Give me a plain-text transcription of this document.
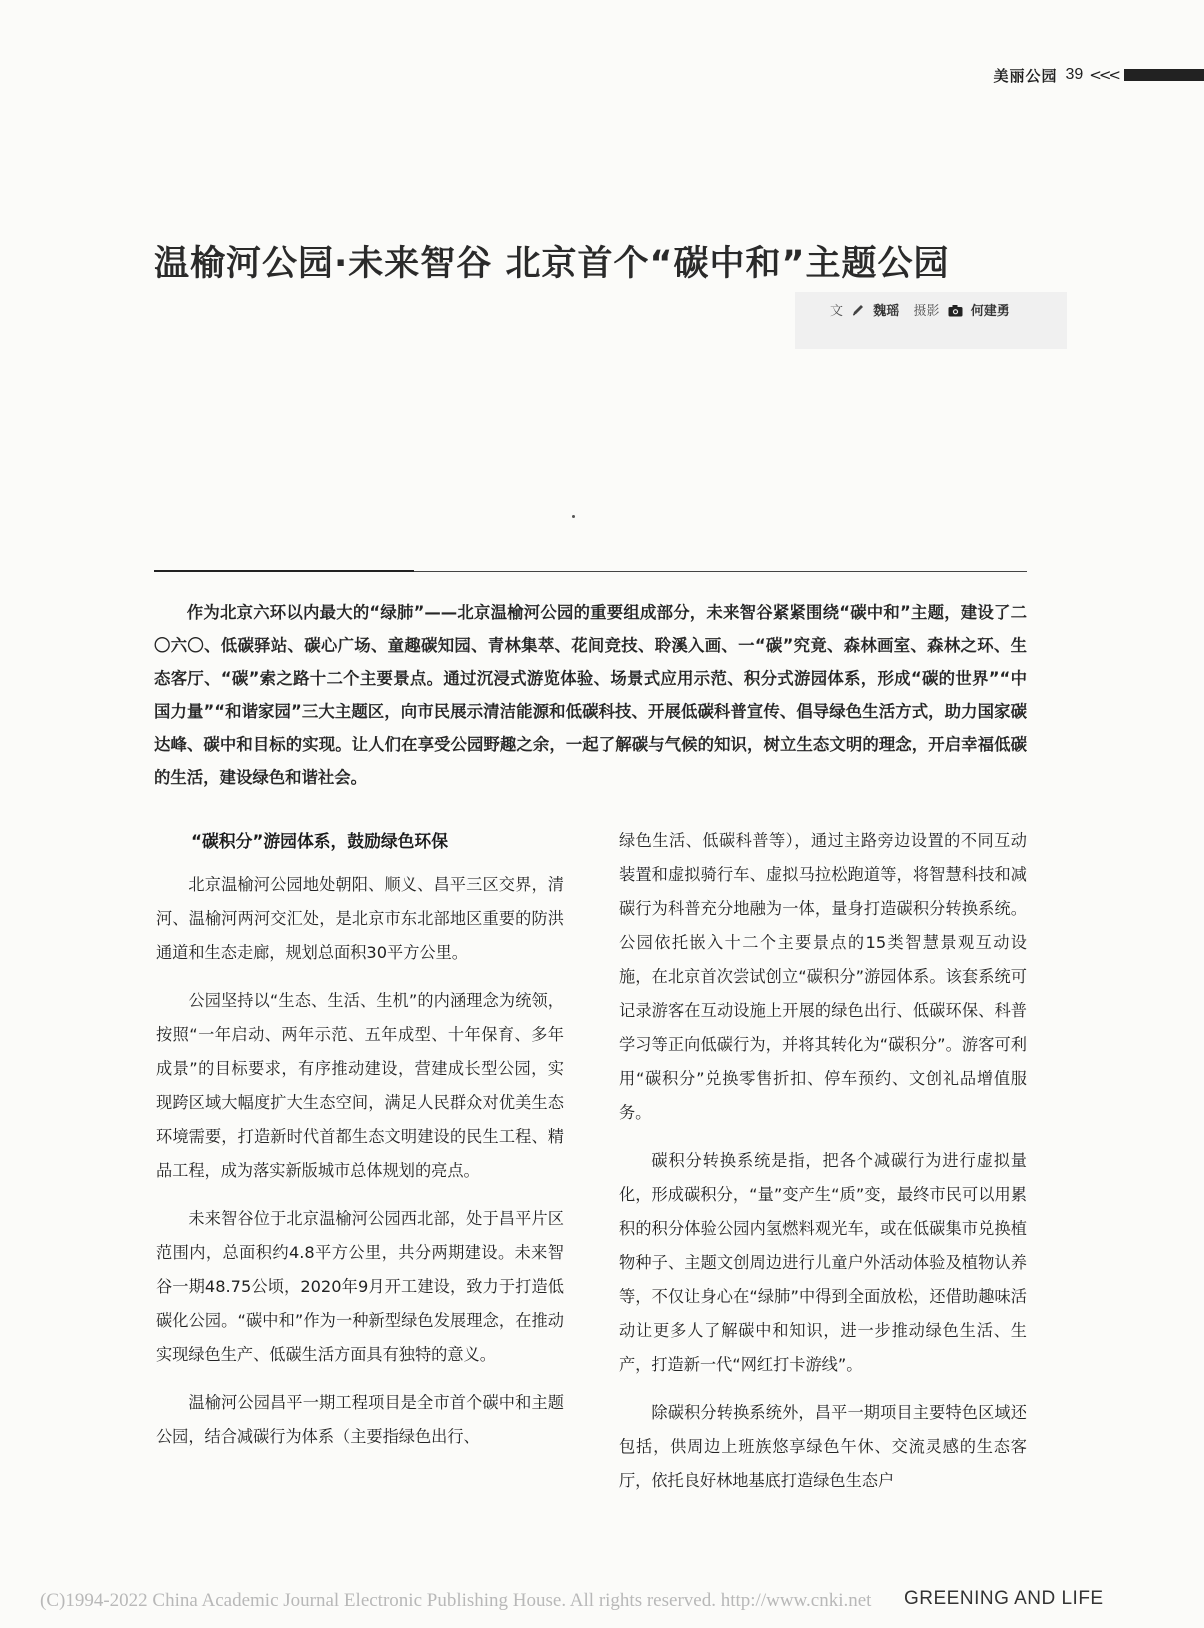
美丽公园 39 <<<
温榆河公园·未来智谷 北京首个“碳中和”主题公园
文 魏瑶 摄影 何建勇

作为北京六环以内最大的“绿肺”——北京温榆河公园的重要组成部分，未来智谷紧紧围绕“碳中和”主题，建设了二〇六〇、低碳驿站、碳心广场、童趣碳知园、青林集萃、花间竞技、聆溪入画、一“碳”究竟、森林画室、森林之环、生态客厅、“碳”索之路十二个主要景点。通过沉浸式游览体验、场景式应用示范、积分式游园体系，形成“碳的世界”“中国力量”“和谐家园”三大主题区，向市民展示清洁能源和低碳科技、开展低碳科普宣传、倡导绿色生活方式，助力国家碳达峰、碳中和目标的实现。让人们在享受公园野趣之余，一起了解碳与气候的知识，树立生态文明的理念，开启幸福低碳的生活，建设绿色和谐社会。

“碳积分”游园体系，鼓励绿色环保

北京温榆河公园地处朝阳、顺义、昌平三区交界，清河、温榆河两河交汇处，是北京市东北部地区重要的防洪通道和生态走廊，规划总面积30平方公里。

公园坚持以“生态、生活、生机”的内涵理念为统领，按照“一年启动、两年示范、五年成型、十年保育、多年成景”的目标要求，有序推动建设，营建成长型公园，实现跨区域大幅度扩大生态空间，满足人民群众对优美生态环境需要，打造新时代首都生态文明建设的民生工程、精品工程，成为落实新版城市总体规划的亮点。

未来智谷位于北京温榆河公园西北部，处于昌平片区范围内，总面积约4.8平方公里，共分两期建设。未来智谷一期48.75公顷，2020年9月开工建设，致力于打造低碳化公园。“碳中和”作为一种新型绿色发展理念，在推动实现绿色生产、低碳生活方面具有独特的意义。

温榆河公园昌平一期工程项目是全市首个碳中和主题公园，结合减碳行为体系（主要指绿色出行、

绿色生活、低碳科普等），通过主路旁边设置的不同互动装置和虚拟骑行车、虚拟马拉松跑道等，将智慧科技和减碳行为科普充分地融为一体，量身打造碳积分转换系统。公园依托嵌入十二个主要景点的15类智慧景观互动设施，在北京首次尝试创立“碳积分”游园体系。该套系统可记录游客在互动设施上开展的绿色出行、低碳环保、科普学习等正向低碳行为，并将其转化为“碳积分”。游客可利用“碳积分”兑换零售折扣、停车预约、文创礼品增值服务。

碳积分转换系统是指，把各个减碳行为进行虚拟量化，形成碳积分，“量”变产生“质”变，最终市民可以用累积的积分体验公园内氢燃料观光车，或在低碳集市兑换植物种子、主题文创周边进行儿童户外活动体验及植物认养等，不仅让身心在“绿肺”中得到全面放松，还借助趣味活动让更多人了解碳中和知识，进一步推动绿色生活、生产，打造新一代“网红打卡游线”。

除碳积分转换系统外，昌平一期项目主要特色区域还包括，供周边上班族悠享绿色午休、交流灵感的生态客厅，依托良好林地基底打造绿色生态户

(C)1994-2022 China Academic Journal Electronic Publishing House. All rights reserved. http://www.cnki.net GREENING AND LIFE
